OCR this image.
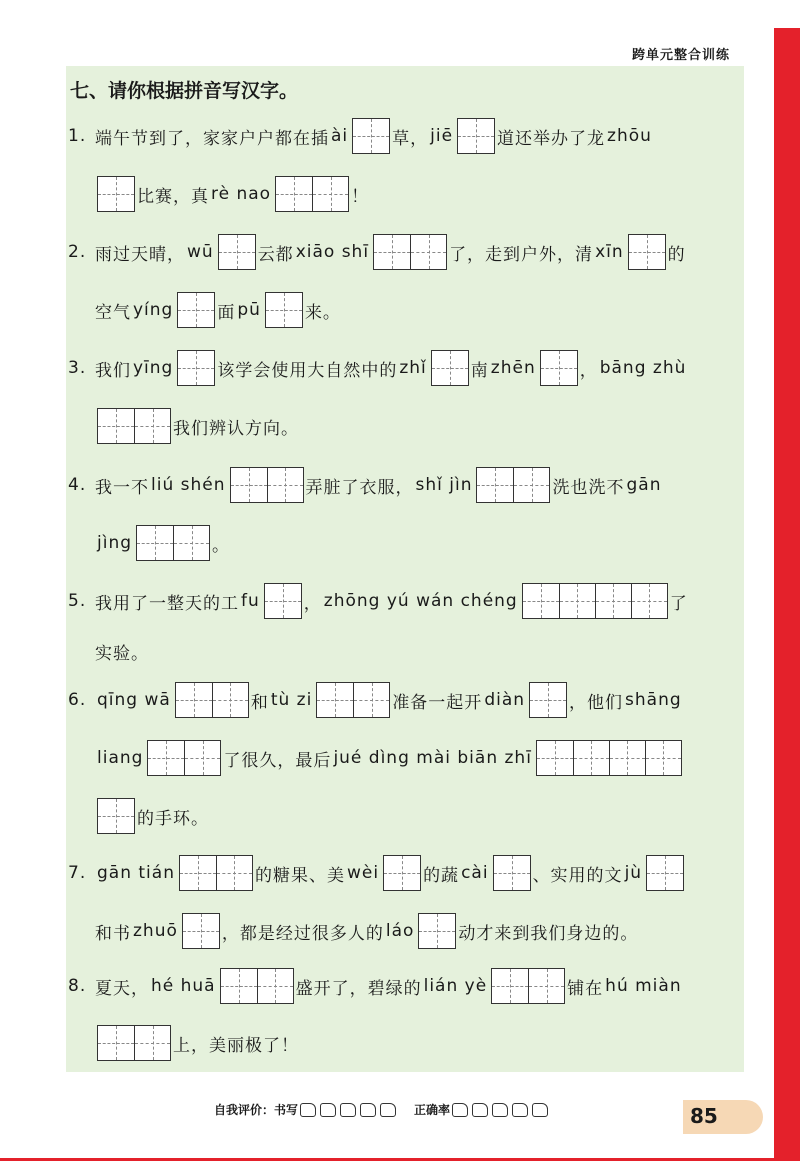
跨单元整合训练
七、请你根据拼音写汉字。
1. 端午节到了，家家户户都在插 ài	草， jiē	道还举办了龙 zhōu
比赛，真 rè nao	！
2. 雨过天晴， wū	云都 xiāo shī	了，走到户外，清 xīn	的
空气 yíng	面 pū	来。
3. 我们 yīng	该学会使用大自然中的 zhǐ	南 zhēn	， bāng zhù
我们辨认方向。
4. 我一不 liú shén	弄脏了衣服， shǐ jìn	洗也洗不 gān
jìng	。
5. 我用了一整天的工 fu	， zhōng yú wán chéng	了
实验。
6. qīng wā	和 tù zi	准备一起开 diàn	，他们 shāng
liang	了很久，最后 jué dìng mài biān zhī
的手环。
7. gān tián	的糖果、美 wèi	的蔬 cài	、实用的文 jù
和书 zhuō	，都是经过很多人的 láo	动才来到我们身边的。
8. 夏天， hé huā	盛开了，碧绿的 lián yè	铺在 hú miàn
上，美丽极了！
自我评价： 书写	正确率	85
